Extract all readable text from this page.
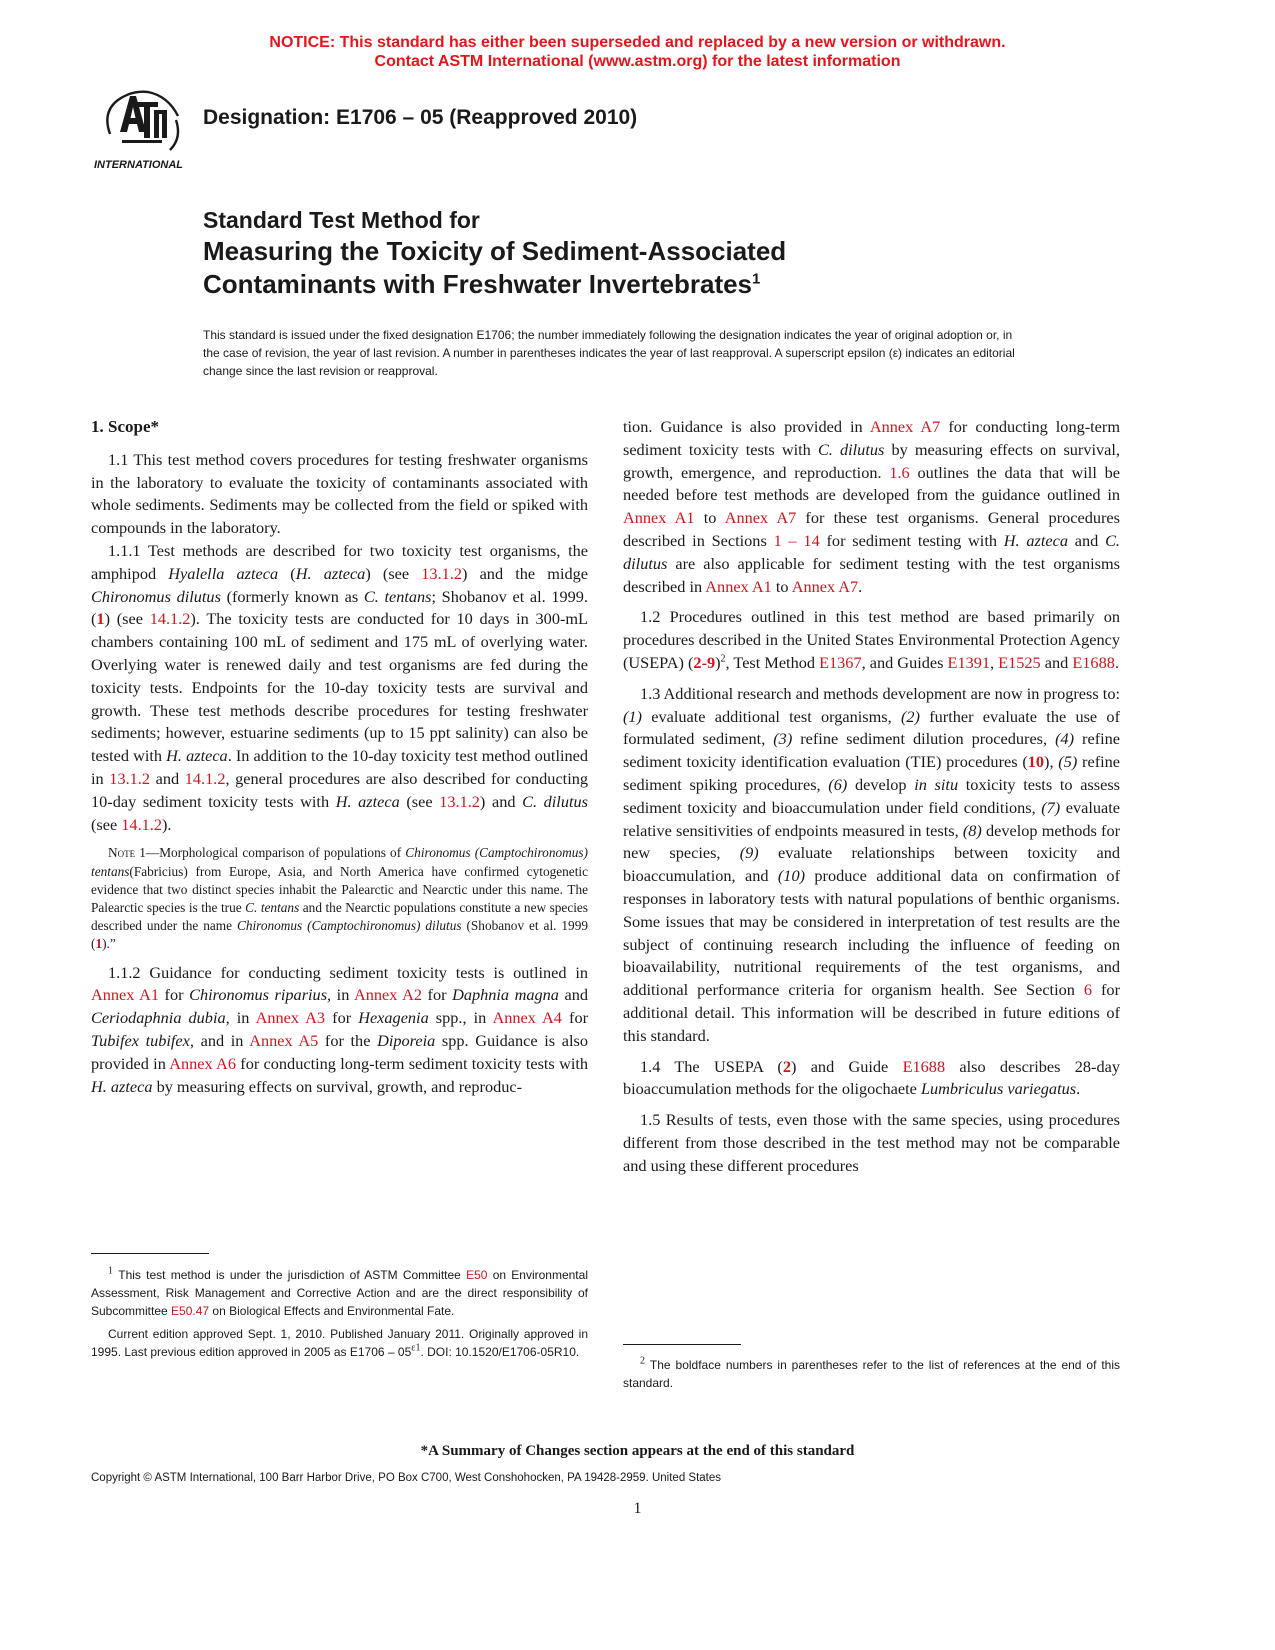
NOTICE: This standard has either been superseded and replaced by a new version or withdrawn.
Contact ASTM International (www.astm.org) for the latest information
INTERNATIONAL
Designation: E1706 – 05 (Reapproved 2010)
Standard Test Method for
Measuring the Toxicity of Sediment-Associated
Contaminants with Freshwater Invertebrates$^1$
This standard is issued under the fixed designation E1706; the number immediately following the designation indicates the year of original adoption or, in the case of revision, the year of last revision. A number in parentheses indicates the year of last reapproval. A superscript epsilon (ε) indicates an editorial change since the last revision or reapproval.
1. Scope*

1.1 This test method covers procedures for testing freshwater organisms in the laboratory to evaluate the toxicity of contaminants associated with whole sediments. Sediments may be collected from the field or spiked with compounds in the laboratory.

1.1.1 Test methods are described for two toxicity test organisms, the amphipod Hyalella azteca (H. azteca) (see 13.1.2) and the midge Chironomus dilutus (formerly known as C. tentans; Shobanov et al. 1999.(1) (see 14.1.2). The toxicity tests are conducted for 10 days in 300-mL chambers containing 100 mL of sediment and 175 mL of overlying water. Overlying water is renewed daily and test organisms are fed during the toxicity tests. Endpoints for the 10-day toxicity tests are survival and growth. These test methods describe procedures for testing freshwater sediments; however, estuarine sediments (up to 15 ppt salinity) can also be tested with H. azteca. In addition to the 10-day toxicity test method outlined in 13.1.2 and 14.1.2, general procedures are also described for conducting 10-day sediment toxicity tests with H. azteca (see 13.1.2) and C. dilutus (see 14.1.2).

Note 1—Morphological comparison of populations of Chironomus (Camptochironomus) tentans(Fabricius) from Europe, Asia, and North America have confirmed cytogenetic evidence that two distinct species inhabit the Palearctic and Nearctic under this name. The Palearctic species is the true C. tentans and the Nearctic populations constitute a new species described under the name Chironomus (Camptochironomus) dilutus (Shobanov et al. 1999 (1).”

1.1.2 Guidance for conducting sediment toxicity tests is outlined in Annex A1 for Chironomus riparius, in Annex A2 for Daphnia magna and Ceriodaphnia dubia, in Annex A3 for Hexagenia spp., in Annex A4 for Tubifex tubifex, and in Annex A5 for the Diporeia spp. Guidance is also provided in Annex A6 for conducting long-term sediment toxicity tests with H. azteca by measuring effects on survival, growth, and reproduc-

$^1$ This test method is under the jurisdiction of ASTM Committee E50 on Environmental Assessment, Risk Management and Corrective Action and are the direct responsibility of Subcommittee E50.47 on Biological Effects and Environmental Fate.

Current edition approved Sept. 1, 2010. Published January 2011. Originally approved in 1995. Last previous edition approved in 2005 as $E1706 - 05^{\varepsilon 1}$. DOI: 10.1520/E1706-05R10.

tion. Guidance is also provided in Annex A7 for conducting long-term sediment toxicity tests with C. dilutus by measuring effects on survival, growth, emergence, and reproduction. 1.6 outlines the data that will be needed before test methods are developed from the guidance outlined in Annex A1 to Annex A7 for these test organisms. General procedures described in Sections 1 – 14 for sediment testing with H. azteca and C. dilutus are also applicable for sediment testing with the test organisms described in Annex A1 to Annex A7.

1.2 Procedures outlined in this test method are based primarily on procedures described in the United States Environmental Protection Agency (USEPA) $(2-9)^2$, Test Method E1367, and Guides E1391, E1525 and E1688.

1.3 Additional research and methods development are now in progress to: (1) evaluate additional test organisms, (2) further evaluate the use of formulated sediment, (3) refine sediment dilution procedures, (4) refine sediment toxicity identification evaluation (TIE) procedures (10), (5) refine sediment spiking procedures, (6) develop in situ toxicity tests to assess sediment toxicity and bioaccumulation under field conditions, (7) evaluate relative sensitivities of endpoints measured in tests, (8) develop methods for new species, (9) evaluate relationships between toxicity and bioaccumulation, and (10) produce additional data on confirmation of responses in laboratory tests with natural populations of benthic organisms. Some issues that may be considered in interpretation of test results are the subject of continuing research including the influence of feeding on bioavailability, nutritional requirements of the test organisms, and additional performance criteria for organism health. See Section 6 for additional detail. This information will be described in future editions of this standard.

1.4 The USEPA (2) and Guide E1688 also describes 28-day bioaccumulation methods for the oligochaete Lumbriculus variegatus.

1.5 Results of tests, even those with the same species, using procedures different from those described in the test method may not be comparable and using these different procedures

$^2$ The boldface numbers in parentheses refer to the list of references at the end of this standard.

*A Summary of Changes section appears at the end of this standard
Copyright © ASTM International, 100 Barr Harbor Drive, PO Box C700, West Conshohocken, PA 19428-2959. United States
1
